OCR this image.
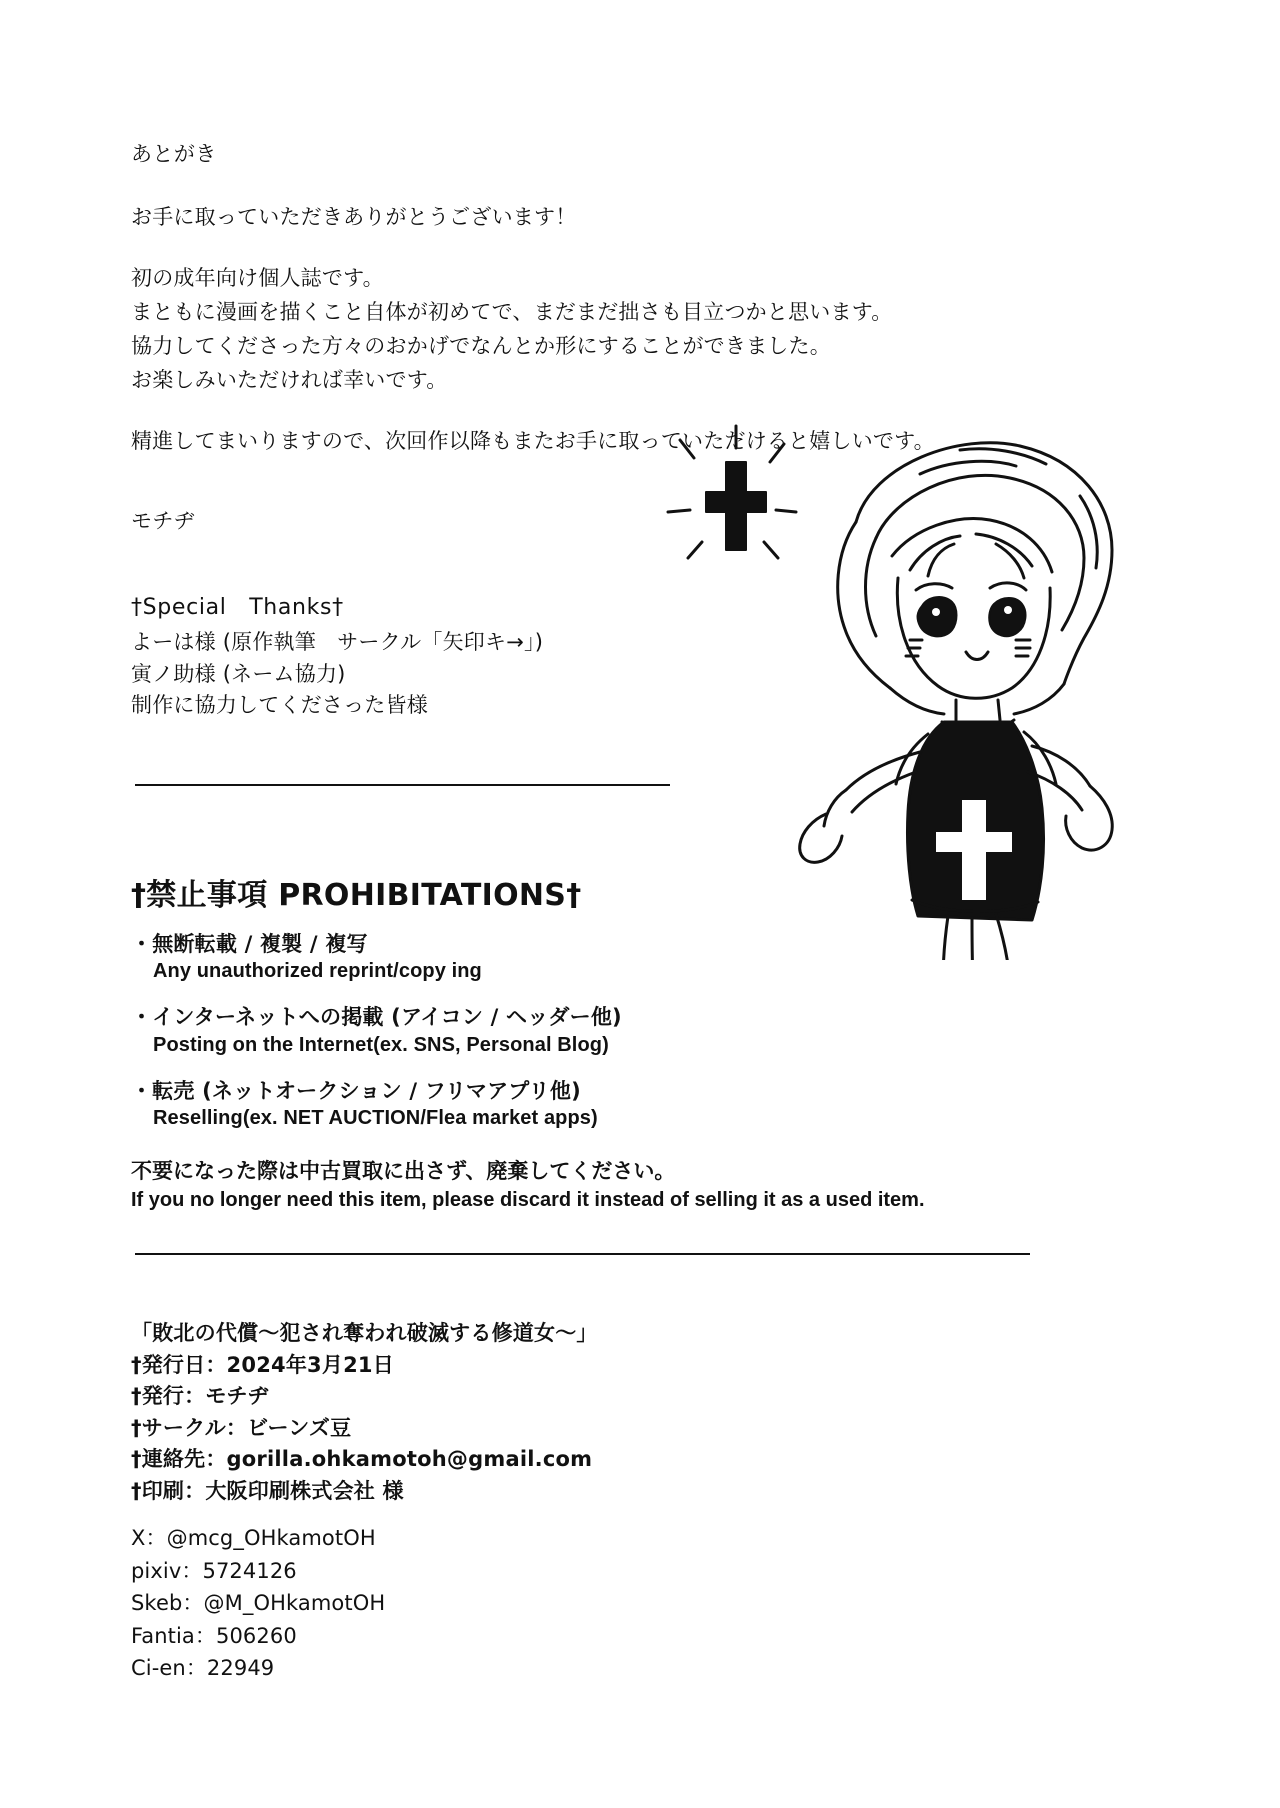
あとがき
お手に取っていただきありがとうございます！
初の成年向け個人誌です。
まともに漫画を描くこと自体が初めてで、まだまだ拙さも目立つかと思います。
協力してくださった方々のおかげでなんとか形にすることができました。
お楽しみいただければ幸いです。
精進してまいりますので、次回作以降もまたお手に取っていただけると嬉しいです。
モチヂ
†Special　Thanks†
よーは様 (原作執筆　サークル「矢印キ→」)
寅ノ助様 (ネーム協力)
制作に協力してくださった皆様
†禁止事項 PROHIBITATIONS†
・無断転載 / 複製 / 複写
Any unauthorized reprint/copy ing
・インターネットへの掲載 (アイコン / ヘッダー他)
Posting on the Internet(ex. SNS, Personal Blog)
・転売 (ネットオークション / フリマアプリ他)
Reselling(ex. NET AUCTION/Flea market apps)
不要になった際は中古買取に出さず、廃棄してください。
If you no longer need this item, please discard it instead of selling it as a used item.
「敗北の代償〜犯され奪われ破滅する修道女〜」
†発行日：2024年3月21日
†発行：モチヂ
†サークル：ビーンズ豆
†連絡先：gorilla.ohkamotoh@gmail.com
†印刷：大阪印刷株式会社 様
X：@mcg_OHkamotOH
pixiv：5724126
Skeb：@M_OHkamotOH
Fantia：506260
Ci-en：22949
